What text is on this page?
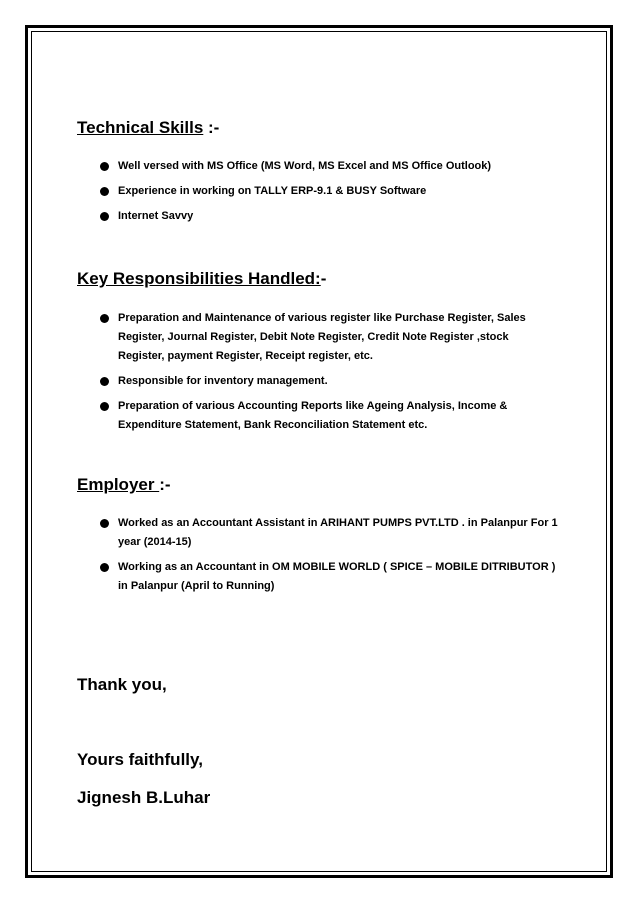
Technical Skills :-
Well versed with MS Office (MS Word, MS Excel and MS Office Outlook)
Experience in working on TALLY ERP-9.1 & BUSY Software
Internet Savvy
Key Responsibilities Handled:-
Preparation and Maintenance of various register like Purchase Register, Sales Register, Journal Register, Debit Note Register, Credit Note Register ,stock Register, payment Register, Receipt register, etc.
Responsible for inventory management.
Preparation of various Accounting Reports like Ageing Analysis, Income & Expenditure Statement, Bank Reconciliation Statement etc.
Employer :-
Worked as an Accountant Assistant in ARIHANT PUMPS PVT.LTD . in Palanpur For 1 year (2014-15)
Working as an Accountant in OM MOBILE WORLD ( SPICE – MOBILE DITRIBUTOR ) in Palanpur (April to Running)
Thank you,
Yours faithfully,
Jignesh B.Luhar
